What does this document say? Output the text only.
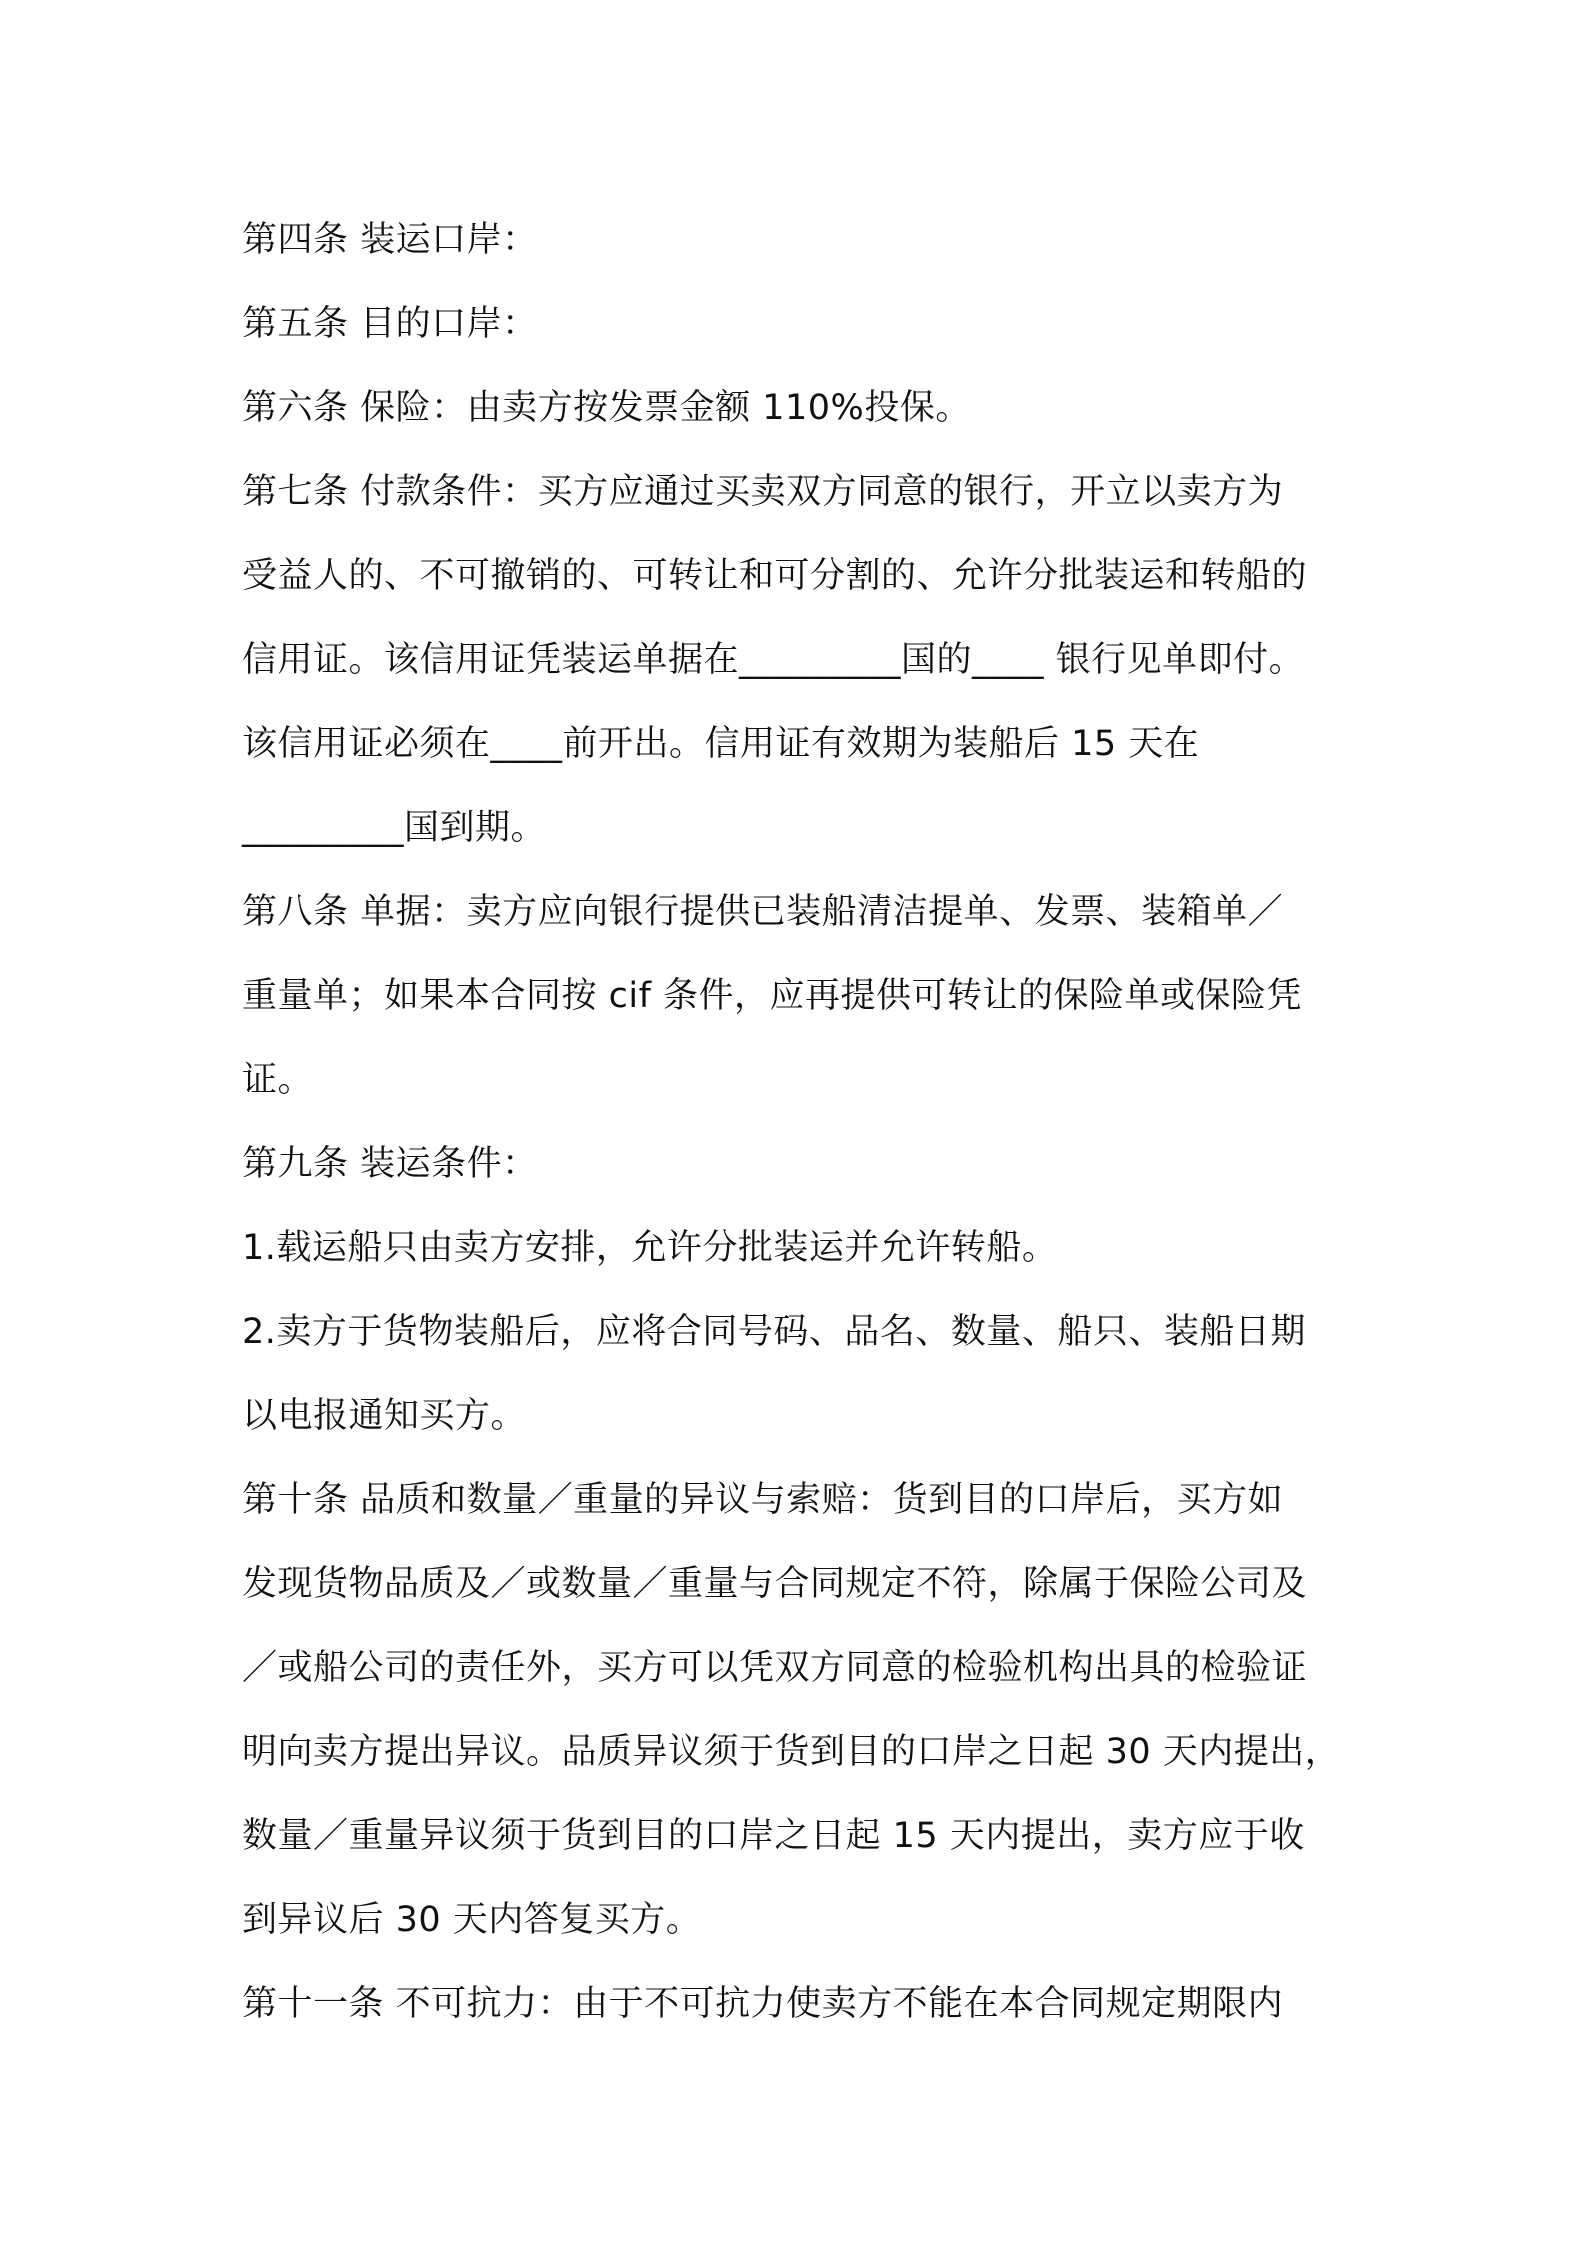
第四条 装运口岸：
第五条 目的口岸：
第六条 保险：由卖方按发票金额 110%投保。
第七条 付款条件：买方应通过买卖双方同意的银行，开立以卖方为
受益人的、不可撤销的、可转让和可分割的、允许分批装运和转船的
信用证。该信用证凭装运单据在_________国的____ 银行见单即付。
该信用证必须在____前开出。信用证有效期为装船后 15 天在
_________国到期。
第八条 单据：卖方应向银行提供已装船清洁提单、发票、装箱单／
重量单；如果本合同按 cif 条件，应再提供可转让的保险单或保险凭
证。
第九条 装运条件：
1.载运船只由卖方安排，允许分批装运并允许转船。
2.卖方于货物装船后，应将合同号码、品名、数量、船只、装船日期
以电报通知买方。
第十条 品质和数量／重量的异议与索赔：货到目的口岸后，买方如
发现货物品质及／或数量／重量与合同规定不符，除属于保险公司及
／或船公司的责任外，买方可以凭双方同意的检验机构出具的检验证
明向卖方提出异议。品质异议须于货到目的口岸之日起 30 天内提出，
数量／重量异议须于货到目的口岸之日起 15 天内提出，卖方应于收
到异议后 30 天内答复买方。
第十一条 不可抗力：由于不可抗力使卖方不能在本合同规定期限内
